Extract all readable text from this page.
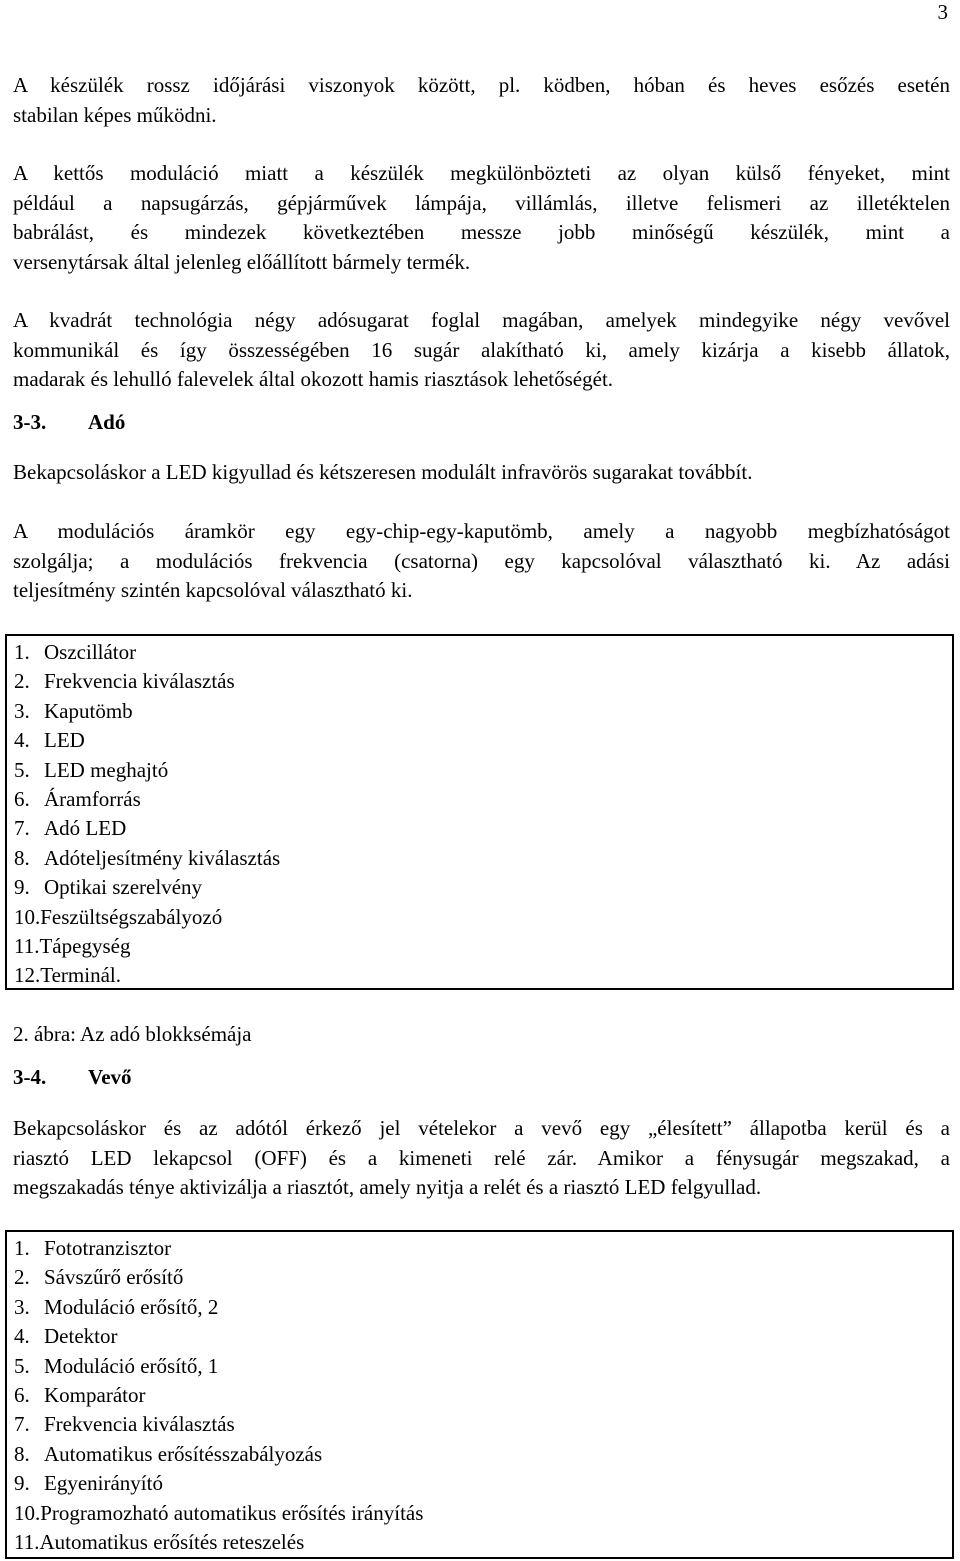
3
A készülék rossz időjárási viszonyok között, pl. ködben, hóban és heves esőzés esetén
stabilan képes működni.
A kettős moduláció miatt a készülék megkülönbözteti az olyan külső fényeket, mint
például a napsugárzás, gépjárművek lámpája, villámlás, illetve felismeri az illetéktelen
babrálást, és mindezek következtében messze jobb minőségű készülék, mint a
versenytársak által jelenleg előállított bármely termék.
A kvadrát technológia négy adósugarat foglal magában, amelyek mindegyike négy vevővel
kommunikál és így összességében 16 sugár alakítható ki, amely kizárja a kisebb állatok,
madarak és lehulló falevelek által okozott hamis riasztások lehetőségét.
3-3. Adó
Bekapcsoláskor a LED kigyullad és kétszeresen modulált infravörös sugarakat továbbít.
A modulációs áramkör egy egy-chip-egy-kaputömb, amely a nagyobb megbízhatóságot
szolgálja; a modulációs frekvencia (csatorna) egy kapcsolóval választható ki. Az adási
teljesítmény szintén kapcsolóval választható ki.
1. Oszcillátor
2. Frekvencia kiválasztás
3. Kaputömb
4. LED
5. LED meghajtó
6. Áramforrás
7. Adó LED
8. Adóteljesítmény kiválasztás
9. Optikai szerelvény
10.Feszültségszabályozó
11.Tápegység
12.Terminál.
2. ábra: Az adó blokksémája
3-4. Vevő
Bekapcsoláskor és az adótól érkező jel vételekor a vevő egy „élesített” állapotba kerül és a
riasztó LED lekapcsol (OFF) és a kimeneti relé zár. Amikor a fénysugár megszakad, a
megszakadás ténye aktivizálja a riasztót, amely nyitja a relét és a riasztó LED felgyullad.
1. Fototranzisztor
2. Sávszűrő erősítő
3. Moduláció erősítő, 2
4. Detektor
5. Moduláció erősítő, 1
6. Komparátor
7. Frekvencia kiválasztás
8. Automatikus erősítésszabályozás
9. Egyenirányító
10.Programozható automatikus erősítés irányítás
11.Automatikus erősítés reteszelés
